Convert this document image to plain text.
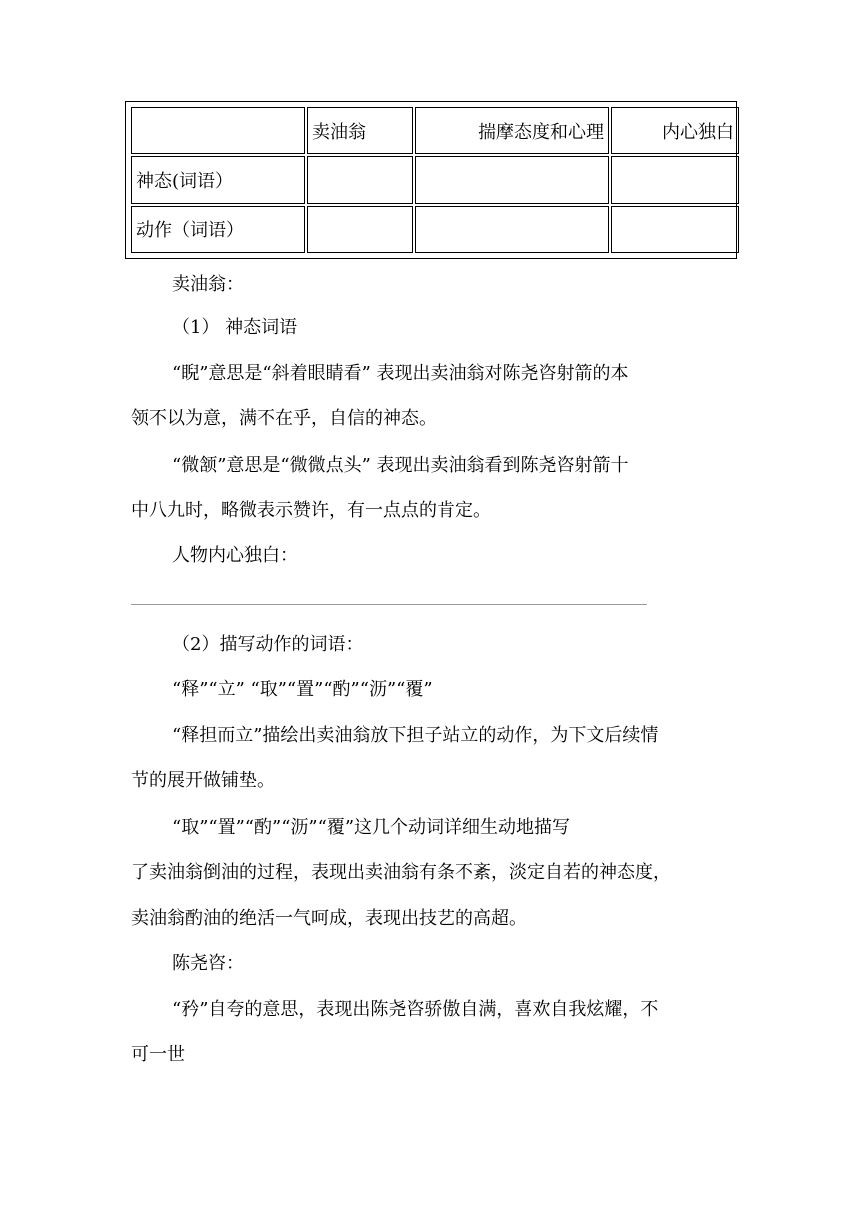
	卖油翁	揣摩态度和心理	内心独白
神态(词语）			
动作（词语）			
卖油翁：
（1） 神态词语
“睨”意思是“斜着眼睛看” 表现出卖油翁对陈尧咨射箭的本
领不以为意，满不在乎，自信的神态。
“微颔”意思是“微微点头” 表现出卖油翁看到陈尧咨射箭十
中八九时，略微表示赞许，有一点点的肯定。
人物内心独白：
（2）描写动作的词语：
“释”“立” “取”“置”“酌”“沥”“覆”
“释担而立”描绘出卖油翁放下担子站立的动作，为下文后续情
节的展开做铺垫。
“取”“置”“酌”“沥”“覆”这几个动词详细生动地描写
了卖油翁倒油的过程，表现出卖油翁有条不紊，淡定自若的神态度，
卖油翁酌油的绝活一气呵成，表现出技艺的高超。
陈尧咨：
“矜”自夸的意思，表现出陈尧咨骄傲自满，喜欢自我炫耀，不
可一世
